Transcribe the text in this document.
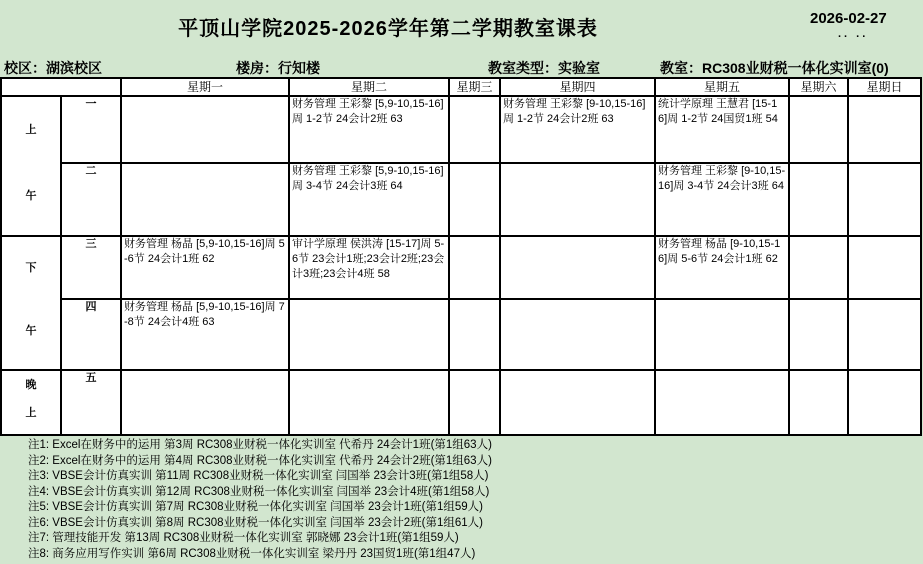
平顶山学院2025-2026学年第二学期教室课表	2026-02-27
.. ..
校区：湖滨校区	楼房：行知楼	教室类型：实验室	教室：RC308业财税一体化实训室(0)
		星期一	星期二	星期三	星期四	星期五	星期六	星期日

上
午	一		财务管理 王彩黎 [5,9-10,15-16]周 1-2节 24会计2班 63		财务管理 王彩黎 [9-10,15-16]周 1-2节 24会计2班 63	统计学原理 王慧君 [15-16]周 1-2节 24国贸1班 54		
	二		财务管理 王彩黎 [5,9-10,15-16]周 3-4节 24会计3班 64			财务管理 王彩黎 [9-10,15-16]周 3-4节 24会计3班 64		

下
午	三	财务管理 杨晶 [5,9-10,15-16]周 5-6节 24会计1班 62	审计学原理 侯洪涛 [15-17]周 5-6节 23会计1班;23会计2班;23会计3班;23会计4班 58			财务管理 杨晶 [9-10,15-16]周 5-6节 24会计1班 62		
	四	财务管理 杨晶 [5,9-10,15-16]周 7-8节 24会计4班 63						

晚
上	五							
注1: Excel在财务中的运用 第3周 RC308业财税一体化实训室 代希丹 24会计1班(第1组63人)
注2: Excel在财务中的运用 第4周 RC308业财税一体化实训室 代希丹 24会计2班(第1组63人)
注3: VBSE会计仿真实训 第11周 RC308业财税一体化实训室 闫国举 23会计3班(第1组58人)
注4: VBSE会计仿真实训 第12周 RC308业财税一体化实训室 闫国举 23会计4班(第1组58人)
注5: VBSE会计仿真实训 第7周 RC308业财税一体化实训室 闫国举 23会计1班(第1组59人)
注6: VBSE会计仿真实训 第8周 RC308业财税一体化实训室 闫国举 23会计2班(第1组61人)
注7: 管理技能开发 第13周 RC308业财税一体化实训室 郭晓娜 23会计1班(第1组59人)
注8: 商务应用写作实训 第6周 RC308业财税一体化实训室 梁丹丹 23国贸1班(第1组47人)
